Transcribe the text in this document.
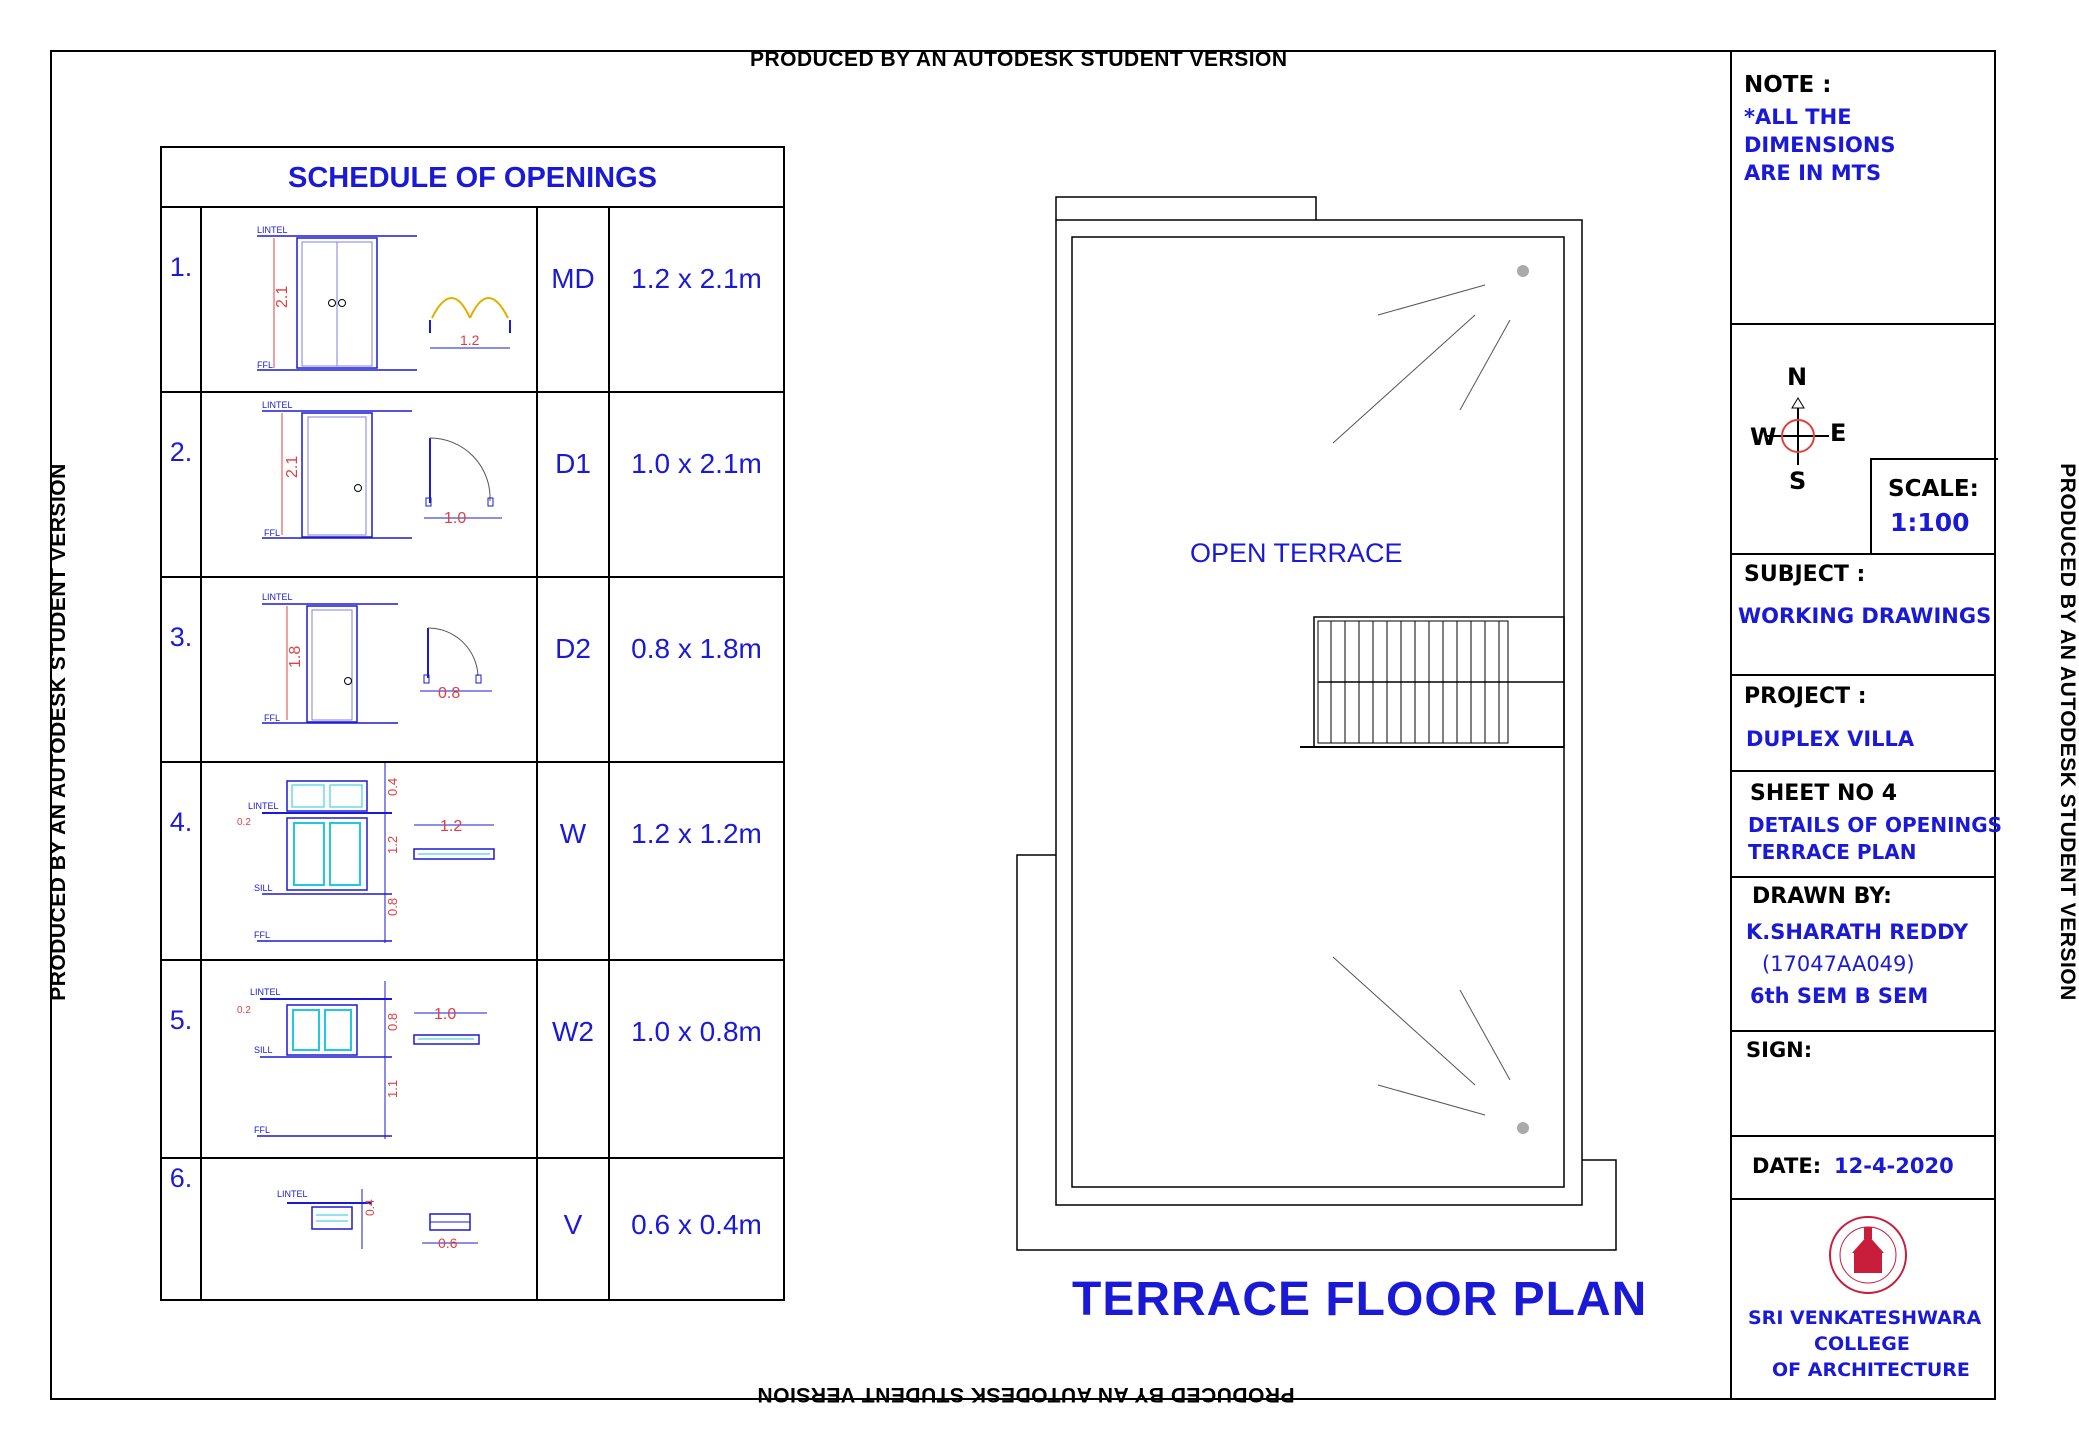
PRODUCED BY AN AUTODESK STUDENT VERSION
PRODUCED BY AN AUTODESK STUDENT VERSION
PRODUCED BY AN AUTODESK STUDENT VERSION	PRODUCED BY AN AUTODESK STUDENT VERSION
SCHEDULE OF OPENINGS
1.
LINTEL
FFL
2.1
1.2
MD	1.2 x 2.1m
2.
LINTEL
FFL
2.1
1.0
D1	1.0 x 2.1m
3.
LINTEL
FFL
1.8
0.8
D2	0.8 x 1.8m
4.
LINTEL
0.2
SILL
FFL
0.4
1.2
0.8
1.2	W	1.2 x 1.2m
5.
LINTEL
0.2
SILL
FFL
0.8
1.1
1.0
W2	1.0 x 0.8m
6.
LINTEL
0.4
0.6
V	0.6 x 0.4m
OPEN TERRACE
TERRACE FLOOR PLAN
NOTE :
*ALL THE
DIMENSIONS
ARE IN MTS
N
W E
S	SCALE:
1:100
SUBJECT :
WORKING DRAWINGS
PROJECT :
DUPLEX VILLA
SHEET NO 4
DETAILS OF OPENINGS
TERRACE PLAN
DRAWN BY:
K.SHARATH REDDY
(17047AA049)
6th SEM B SEM
SIGN:
DATE: 12-4-2020
SRI VENKATESHWARA
COLLEGE
OF ARCHITECTURE
